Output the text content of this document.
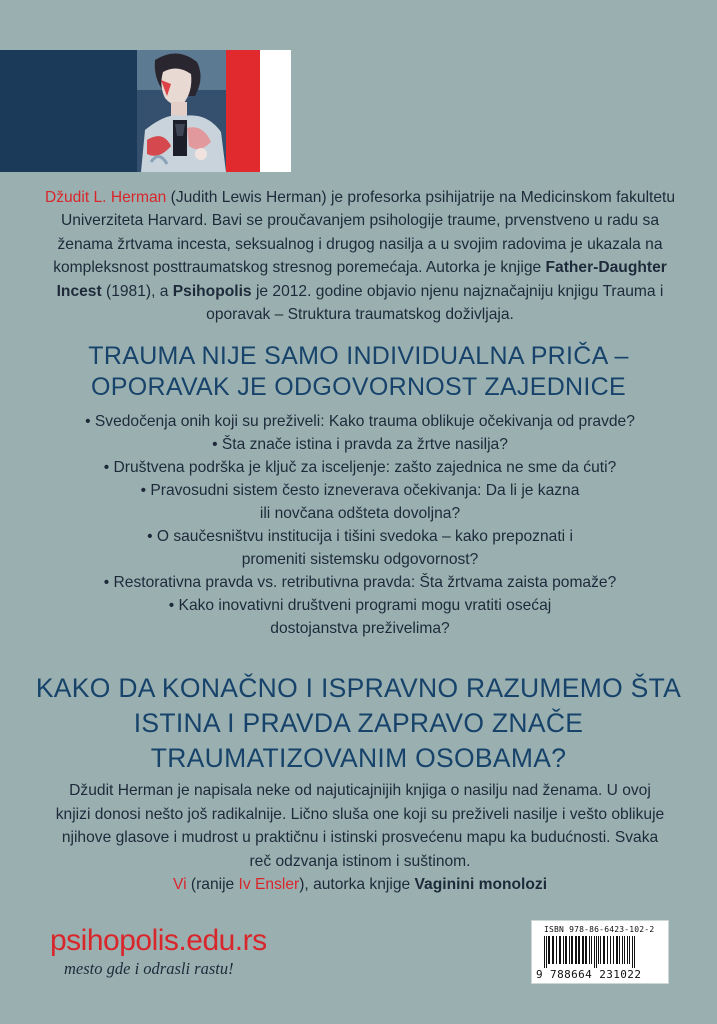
Džudit L. Herman (Judith Lewis Herman) je profesorka psihijatrije na Medicinskom fakultetu Univerziteta Harvard. Bavi se proučavanjem psihologije traume, prvenstveno u radu sa ženama žrtvama incesta, seksualnog i drugog nasilja a u svojim radovima je ukazala na kompleksnost posttraumatskog stresnog poremećaja. Autorka je knjige Father-Daughter Incest (1981), a Psihopolis je 2012. godine objavio njenu najznačajniju knjigu Trauma i oporavak – Struktura traumatskog doživljaja.
TRAUMA NIJE SAMO INDIVIDUALNA PRIČA –
OPORAVAK JE ODGOVORNOST ZAJEDNICE

• Svedočenja onih koji su preživeli: Kako trauma oblikuje očekivanja od pravde?

• Šta znače istina i pravda za žrtve nasilja?

• Društvena podrška je ključ za isceljenje: zašto zajednica ne sme da ćuti?

• Pravosudni sistem često izneverava očekivanja: Da li je kazna
ili novčana odšteta dovoljna?

• O saučesništvu institucija i tišini svedoka – kako prepoznati i
promeniti sistemsku odgovornost?

• Restorativna pravda vs. retributivna pravda: Šta žrtvama zaista pomaže?

• Kako inovativni društveni programi mogu vratiti osećaj
dostojanstva preživelima?

KAKO DA KONAČNO I ISPRAVNO RAZUMEMO ŠTA
ISTINA I PRAVDA ZAPRAVO ZNAČE
TRAUMATIZOVANIM OSOBAMA?
Džudit Herman je napisala neke od najuticajnijih knjiga o nasilju nad ženama. U ovoj knjizi donosi nešto još radikalnije. Lično sluša one koji su preživeli nasilje i vešto oblikuje njihove glasove i mudrost u praktičnu i istinski prosvećenu mapu ka budućnosti. Svaka reč odzvanja istinom i suštinom.
Vi (ranije Iv Ensler), autorka knjige Vaginini monolozi
psihopolis.edu.rs
mesto gde i odrasli rastu!
ISBN 978-86-6423-102-2
9 788664 231022
